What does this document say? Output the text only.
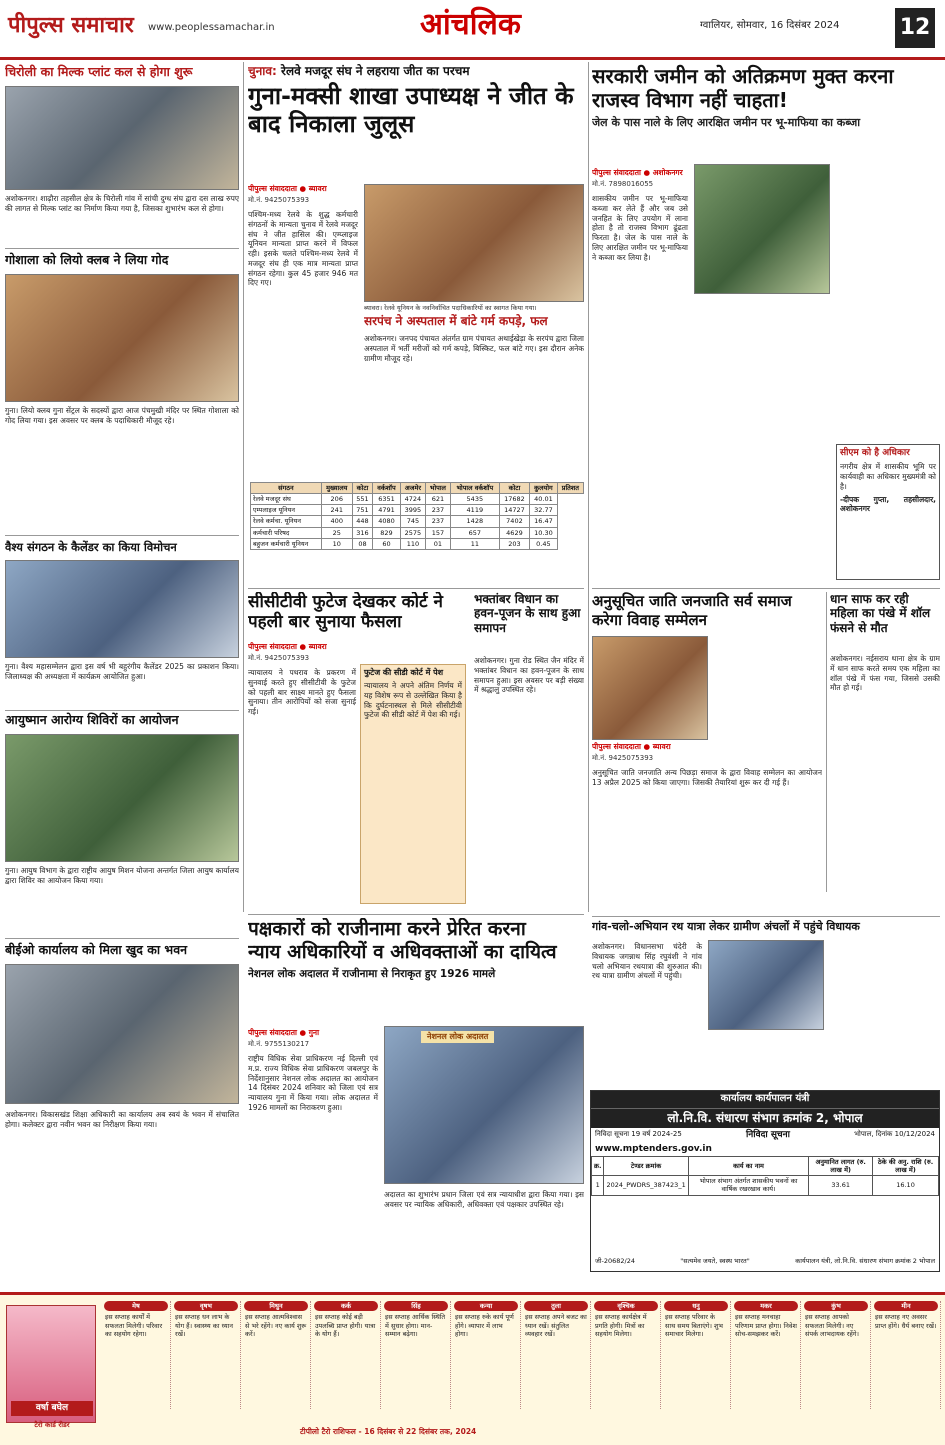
पीपुल्स समाचार www.peoplessamachar.in	आंचलिक	ग्वालियर, सोमवार, 16 दिसंबर 2024	12
चिरोली का मिल्क प्लांट कल से होगा शुरू
अशोकनगर। शाढ़ौरा तहसील क्षेत्र के चिरोली गांव में सांची दुग्ध संघ द्वारा दस लाख रुपए की लागत से मिल्क प्लांट का निर्माण किया गया है, जिसका शुभारंभ कल से होगा।
गोशाला को लियो क्लब ने लिया गोद
गुना। लियो क्लब गुना सेंट्रल के सदस्यों द्वारा आज पंचमुखी मंदिर पर स्थित गोशाला को गोद लिया गया। इस अवसर पर क्लब के पदाधिकारी मौजूद रहे।
वैश्य संगठन के कैलेंडर का किया विमोचन
गुना। वैश्य महासम्मेलन द्वारा इस वर्ष भी बहुरंगीय कैलेंडर 2025 का प्रकाशन किया। जिलाध्यक्ष की अध्यक्षता में कार्यक्रम आयोजित हुआ।
आयुष्मान आरोग्य शिविरों का आयोजन
गुना। आयुष विभाग के द्वारा राष्ट्रीय आयुष मिशन योजना अन्तर्गत जिला आयुष कार्यालय द्वारा शिविर का आयोजन किया गया।
बीईओ कार्यालय को मिला खुद का भवन
अशोकनगर। विकासखंड शिक्षा अधिकारी का कार्यालय अब स्वयं के भवन में संचालित होगा। कलेक्टर द्वारा नवीन भवन का निरीक्षण किया गया।
चुनाव: रेलवे मजदूर संघ ने लहराया जीत का परचम
गुना-मक्सी शाखा उपाध्यक्ष ने जीत के बाद निकाला जुलूस
पीपुल्स संवाददाता ● ब्यावरा
मो.नं. 9425075393
पश्चिम-मध्य रेलवे के शुद्ध कर्मचारी संगठनों के मान्यता चुनाव में रेलवे मजदूर संघ ने जीत हासिल की। एम्प्लाइज यूनियन मान्यता प्राप्त करने में विफल रही। इसके चलते पश्चिम-मध्य रेलवे में मजदूर संघ ही एक मात्र मान्यता प्राप्त संगठन रहेगा। कुल 45 हजार 946 मत दिए गए।
ब्यावरा। रेलवे यूनियन के नवनिर्वाचित पदाधिकारियों का स्वागत किया गया।
संगठन	मुख्यालय	कोटा	वर्कशॉप	अजमेर	भोपाल	भोपाल वर्कशॉप	कोटा	कुलयोग	प्रतिशत
रेलवे मजदूर संघ	206	551	6351	4724	621	5435	17682	40.01	
एम्पलाइज यूनियन	241	751	4791	3995	237	4119	14727	32.77	
रेलवे कर्मचा. यूनियन	400	448	4080	745	237	1428	7402	16.47	
कर्मचारी परिषद	25	316	829	2575	157	657	4629	10.30	
बहुजन कर्मचारी यूनियन	10	08	60	110	01	11	203	0.45	
सरपंच ने अस्पताल में बांटे गर्म कपड़े, फल
अशोकनगर। जनपद पंचायत अंतर्गत ग्राम पंचायत अथाईखेड़ा के सरपंच द्वारा जिला अस्पताल में भर्ती मरीजों को गर्म कपड़े, बिस्किट, फल बांटे गए। इस दौरान अनेक ग्रामीण मौजूद रहे।
सीसीटीवी फुटेज देखकर कोर्ट ने पहली बार सुनाया फैसला
पीपुल्स संवाददाता ● ब्यावरा
मो.नं. 9425075393
न्यायालय ने पथराव के प्रकरण में सुनवाई करते हुए सीसीटीवी के फुटेज को पहली बार साक्ष्य मानते हुए फैसला सुनाया। तीन आरोपियों को सजा सुनाई गई।
फुटेज की सीडी कोर्ट में पेश
न्यायालय ने अपने अंतिम निर्णय में यह विशेष रूप से उल्लेखित किया है कि दुर्घटनास्थल से मिले सीसीटीवी फुटेज की सीडी कोर्ट में पेश की गई।
भक्तांबर विधान का हवन-पूजन के साथ हुआ समापन
अशोकनगर। गुना रोड स्थित जैन मंदिर में भक्तांबर विधान का हवन-पूजन के साथ समापन हुआ। इस अवसर पर बड़ी संख्या में श्रद्धालु उपस्थित रहे।
सरकारी जमीन को अतिक्रमण मुक्त करना राजस्व विभाग नहीं चाहता!
जेल के पास नाले के लिए आरक्षित जमीन पर भू-माफिया का कब्जा
पीपुल्स संवाददाता ● अशोकनगर
मो.नं. 7898016055
शासकीय जमीन पर भू-माफिया कब्जा कर लेते हैं और जब उसे जनहित के लिए उपयोग में लाना होता है तो राजस्व विभाग ढूंढता फिरता है। जेल के पास नाले के लिए आरक्षित जमीन पर भू-माफिया ने कब्जा कर लिया है।
सीएम को है अधिकार
नगरीय क्षेत्र में शासकीय भूमि पर कार्यवाही का अधिकार मुख्यमंत्री को है।
-दीपक गुप्ता, तहसीलदार, अशोकनगर
अनुसूचित जाति जनजाति सर्व समाज करेगा विवाह सम्मेलन
पीपुल्स संवाददाता ● ब्यावरा
मो.नं. 9425075393
अनुसूचित जाति जनजाति अन्य पिछड़ा समाज के द्वारा विवाह सम्मेलन का आयोजन 13 अप्रैल 2025 को किया जाएगा। जिसकी तैयारियां शुरू कर दी गई हैं।
धान साफ कर रही महिला का पंखे में शॉल फंसने से मौत
अशोकनगर। नईसराय थाना क्षेत्र के ग्राम में धान साफ करते समय एक महिला का शॉल पंखे में फंस गया, जिससे उसकी मौत हो गई।
गांव-चलो-अभियान रथ यात्रा लेकर ग्रामीण अंचलों में पहुंचे विधायक
अशोकनगर। विधानसभा चंदेरी के विधायक जगन्नाथ सिंह रघुवंशी ने गांव चलो अभियान रथयात्रा की शुरुआत की। रथ यात्रा ग्रामीण अंचलों में पहुंची।
पक्षकारों को राजीनामा करने प्रेरित करना
न्याय अधिकारियों व अधिवक्ताओं का दायित्व
नेशनल लोक अदालत में राजीनामा से निराकृत हुए 1926 मामले
पीपुल्स संवाददाता ● गुना
मो.नं. 9755130217
राष्ट्रीय विधिक सेवा प्राधिकरण नई दिल्ली एवं म.प्र. राज्य विधिक सेवा प्राधिकरण जबलपुर के निर्देशानुसार नेशनल लोक अदालत का आयोजन 14 दिसंबर 2024 शनिवार को जिला एवं सत्र न्यायालय गुना में किया गया। लोक अदालत में 1926 मामलों का निराकरण हुआ।
नेशनल लोक अदालत
अदालत का शुभारंभ प्रधान जिला एवं सत्र न्यायाधीश द्वारा किया गया। इस अवसर पर न्यायिक अधिकारी, अधिवक्ता एवं पक्षकार उपस्थित रहे।
कार्यालय कार्यपालन यंत्री
लो.नि.वि. संधारण संभाग क्रमांक 2, भोपाल
निविदा सूचना 19 वर्ष 2024-25	निविदा सूचना	भोपाल, दिनांक 10/12/2024
www.mptenders.gov.in
क्र.	टेण्डर क्रमांक	कार्य का नाम	अनुमानित लागत (रु. लाख में)	ठेके की अनु. राशि (रु. लाख में)
1	2024_PWDRS_387423_1	भोपाल संभाग अंतर्गत शासकीय भवनों का वार्षिक रखरखाव कार्य।	33.61	16.10
जी-20682/24	"सत्यमेव जयते, स्वस्थ भारत"	कार्यपालन यंत्री, लो.नि.वि. संधारण संभाग क्रमांक 2 भोपाल
वर्षा बघेल
टैरो कार्ड रीडर
मेष
इस सप्ताह कार्यों में सफलता मिलेगी। परिवार का सहयोग रहेगा।
वृषभ
इस सप्ताह धन लाभ के योग हैं। स्वास्थ्य का ध्यान रखें।
मिथुन
इस सप्ताह आत्मविश्वास से भरे रहेंगे। नए कार्य शुरू करें।
कर्क
इस सप्ताह कोई बड़ी उपलब्धि प्राप्त होगी। यात्रा के योग हैं।
सिंह
इस सप्ताह आर्थिक स्थिति में सुधार होगा। मान-सम्मान बढ़ेगा।
कन्या
इस सप्ताह रुके कार्य पूर्ण होंगे। व्यापार में लाभ होगा।
तुला
इस सप्ताह अपने बजट का ध्यान रखें। संतुलित व्यवहार रखें।
वृश्चिक
इस सप्ताह कार्यक्षेत्र में प्रगति होगी। मित्रों का सहयोग मिलेगा।
धनु
इस सप्ताह परिवार के साथ समय बिताएंगे। शुभ समाचार मिलेगा।
मकर
इस सप्ताह मनचाहा परिणाम प्राप्त होगा। निवेश सोच-समझकर करें।
कुंभ
इस सप्ताह आपको सफलता मिलेगी। नए संपर्क लाभदायक रहेंगे।
मीन
इस सप्ताह नए अवसर प्राप्त होंगे। धैर्य बनाए रखें।
टीपीलो टैरो राशिफल - 16 दिसंबर से 22 दिसंबर तक, 2024
